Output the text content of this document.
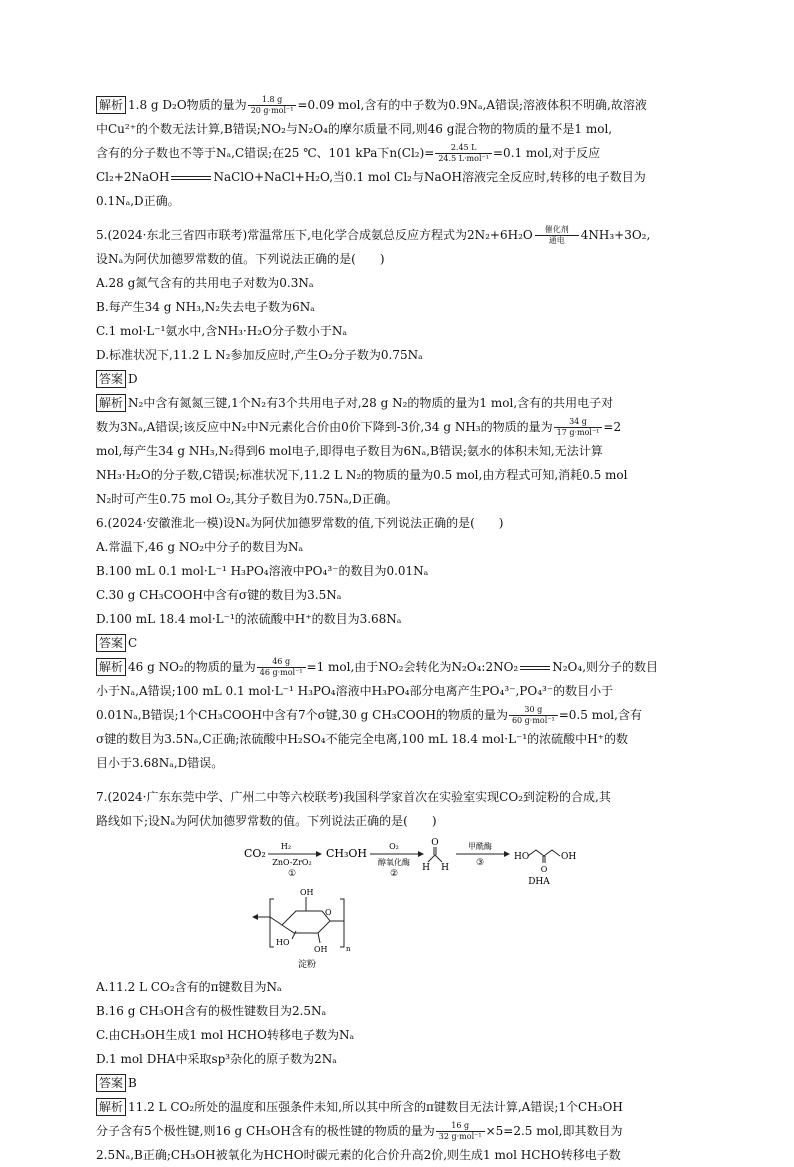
解析 1.8 g D₂O物质的量为 $\frac{1.8 g}{\text{20 g·mol⁻¹}} =0.09$ mol,含有的中子数为0.9Nₐ,A错误;溶液体积不明确,故溶液
中Cu²⁺的个数无法计算,B错误;NO₂与N₂O₄的摩尔质量不同,则46 g混合物的物质的量不是1 mol,
含有的分子数也不等于Nₐ,C错误;在25 ℃、101 kPa下$n(Cl_2)= \frac{2.45 L}{\text{24.5 L·mol⁻¹}} =0.1$ mol,对于反应
Cl₂+2NaOH	NaClO+NaCl+H₂O,当0.1 mol Cl₂与NaOH溶液完全反应时,转移的电子数目为
0.1Nₐ,D正确。
5.(2024·东北三省四市联考)常温常压下,电化学合成氨总反应方程式为2N₂+6H₂O 催化剂
通电 4NH₃+3O₂,
设Nₐ为阿伏加德罗常数的值。下列说法正确的是(　　)
A.28 g氮气含有的共用电子对数为0.3Nₐ
B.每产生34 g NH₃,N₂失去电子数为6Nₐ
C.1 mol·L⁻¹氨水中,含NH₃·H₂O分子数小于Nₐ
D.标准状况下,11.2 L N₂参加反应时,产生O₂分子数为0.75Nₐ
答案 D
解析 N₂中含有氮氮三键,1个N₂有3个共用电子对,28 g N₂的物质的量为1 mol,含有的共用电子对
数为3Nₐ,A错误;该反应中N₂中N元素化合价由0价下降到-3价,34 g NH₃的物质的量为 $\frac{34 g}{\text{17 g·mol⁻¹}} =2$
mol,每产生34 g NH₃,N₂得到6 mol电子,即得电子数目为6Nₐ,B错误;氨水的体积未知,无法计算
NH₃·H₂O的分子数,C错误;标准状况下,11.2 L N₂的物质的量为0.5 mol,由方程式可知,消耗0.5 mol
N₂时可产生0.75 mol O₂,其分子数目为0.75Nₐ,D正确。
6.(2024·安徽淮北一模)设Nₐ为阿伏加德罗常数的值,下列说法正确的是(　　)
A.常温下,46 g NO₂中分子的数目为Nₐ
B.100 mL 0.1 mol·L⁻¹ H₃PO₄溶液中PO₄³⁻的数目为0.01Nₐ
C.30 g CH₃COOH中含有σ键的数目为3.5Nₐ
D.100 mL 18.4 mol·L⁻¹的浓硫酸中H⁺的数目为3.68Nₐ
答案 C
解析 46 g NO₂的物质的量为 $\frac{46 g}{\text{46 g·mol⁻¹}} =1$ mol,由于NO₂会转化为N₂O₄:2NO₂	N₂O₄,则分子的数目
小于Nₐ,A错误;100 mL 0.1 mol·L⁻¹ H₃PO₄溶液中H₃PO₄部分电离产生PO₄³⁻,PO₄³⁻的数目小于
0.01Nₐ,B错误;1个CH₃COOH中含有7个σ键,30 g CH₃COOH的物质的量为 $\frac{30 g}{\text{60 g·mol⁻¹}} =0.5$ mol,含有
σ键的数目为3.5Nₐ,C正确;浓硫酸中H₂SO₄不能完全电离,100 mL 18.4 mol·L⁻¹的浓硫酸中H⁺的数
目小于3.68Nₐ,D错误。
7.(2024·广东东莞中学、广州二中等六校联考)我国科学家首次在实验室实现CO₂到淀粉的合成,其
路线如下;设Nₐ为阿伏加德罗常数的值。下列说法正确的是(　　)
CO₂
H₂
ZnO-ZrO₂
①
CH₃OH
O₂
醇氧化酶
②
O
H H
甲酰酶
③
HO
O
OH
DHA
O
OH
HO
OH	n
淀粉
A.11.2 L CO₂含有的π键数目为Nₐ
B.16 g CH₃OH含有的极性键数目为2.5Nₐ
C.由CH₃OH生成1 mol HCHO转移电子数为Nₐ
D.1 mol DHA中采取sp³杂化的原子数为2Nₐ
答案 B
解析 11.2 L CO₂所处的温度和压强条件未知,所以其中所含的π键数目无法计算,A错误;1个CH₃OH
分子含有5个极性键,则16 g CH₃OH含有的极性键的物质的量为 $\frac{16 g}{\text{32 g·mol⁻¹}} \times 5=2.5$ mol,即其数目为
2.5Nₐ,B正确;CH₃OH被氧化为HCHO时碳元素的化合价升高2价,则生成1 mol HCHO转移电子数
